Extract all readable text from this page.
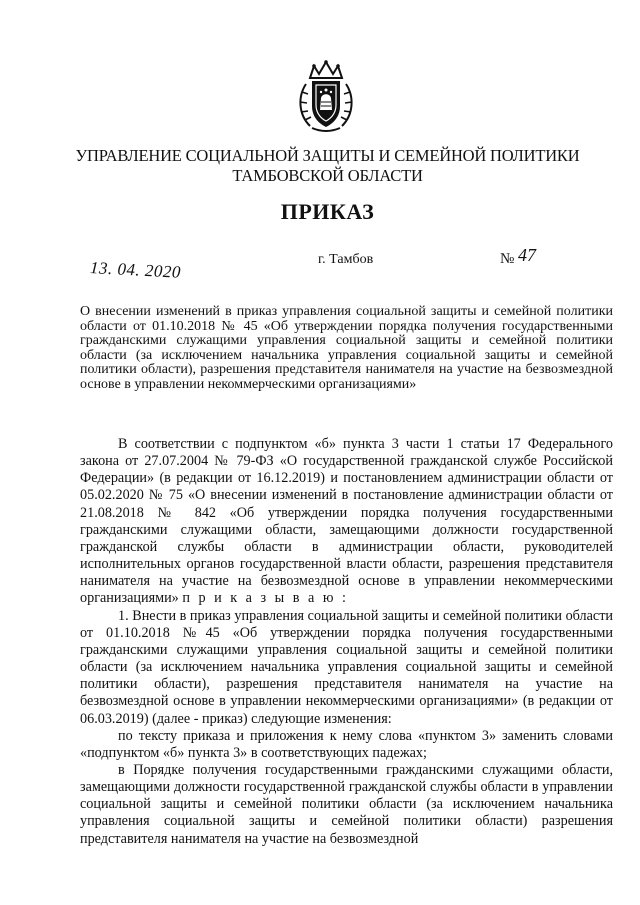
УПРАВЛЕНИЕ СОЦИАЛЬНОЙ ЗАЩИТЫ И СЕМЕЙНОЙ ПОЛИТИКИ
ТАМБОВСКОЙ ОБЛАСТИ
ПРИКАЗ
13. 04. 2020	г. Тамбов	№ 47
О внесении изменений в приказ управления социальной защиты и семейной политики области от 01.10.2018 № 45 «Об утверждении порядка получения государственными гражданскими служащими управления социальной защиты и семейной политики области (за исключением начальника управления социальной защиты и семейной политики области), разрешения представителя нанимателя на участие на безвозмездной основе в управлении некоммерческими организациями»

В соответствии с подпунктом «б» пункта 3 части 1 статьи 17 Федерального закона от 27.07.2004 № 79-ФЗ «О государственной гражданской службе Российской Федерации» (в редакции от 16.12.2019) и постановлением администрации области от 05.02.2020 № 75 «О внесении изменений в постановление администрации области от 21.08.2018 № 842 «Об утверждении порядка получения государственными гражданскими служащими области, замещающими должности государственной гражданской службы области в администрации области, руководителей исполнительных органов государственной власти области, разрешения представителя нанимателя на участие на безвозмездной основе в управлении некоммерческими организациями» п р и к а з ы в а ю :

1. Внести в приказ управления социальной защиты и семейной политики области от 01.10.2018 №45 «Об утверждении порядка получения государственными гражданскими служащими управления социальной защиты и семейной политики области (за исключением начальника управления социальной защиты и семейной политики области), разрешения представителя нанимателя на участие на безвозмездной основе в управлении некоммерческими организациями» (в редакции от 06.03.2019) (далее - приказ) следующие изменения:

по тексту приказа и приложения к нему слова «пунктом 3» заменить словами «подпунктом «б» пункта 3» в соответствующих падежах;

в Порядке получения государственными гражданскими служащими области, замещающими должности государственной гражданской службы области в управлении социальной защиты и семейной политики области (за исключением начальника управления социальной защиты и семейной политики области) разрешения представителя нанимателя на участие на безвозмездной
